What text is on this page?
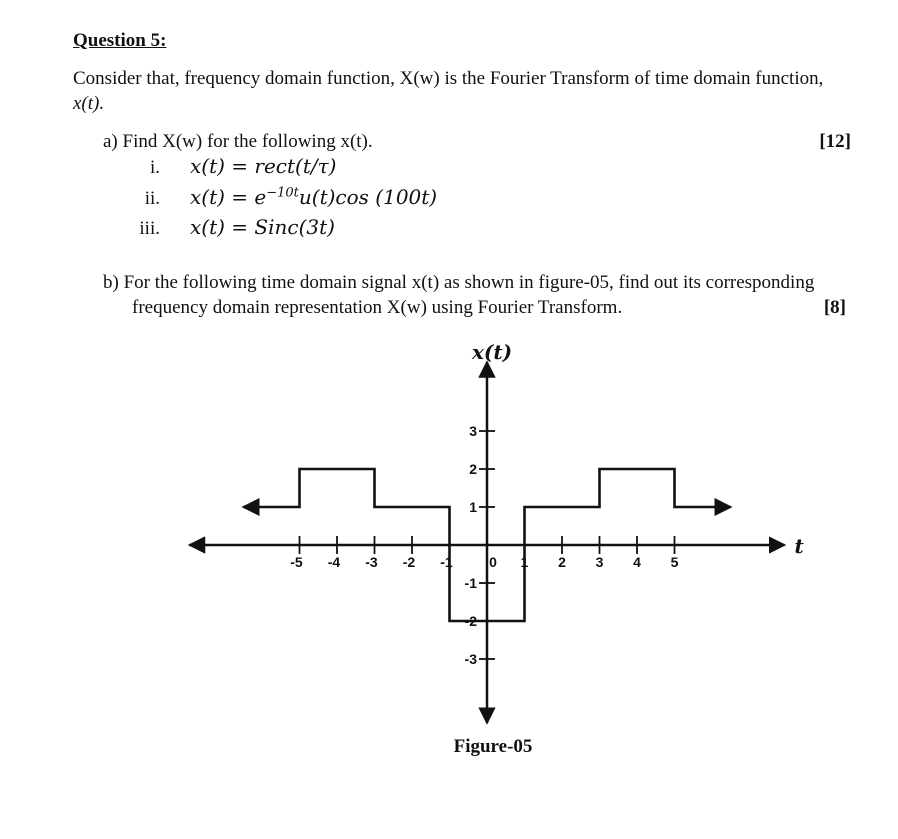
Question 5:
Consider that, frequency domain function, X(w) is the Fourier Transform of time domain function,
x(t).
a) Find X(w) for the following x(t).	[12]
i.
ii.
iii.
x(t) = rect(t/τ)
$x(t) = e^{-10t}u(t)\cos$ (100t)
x(t) = Sinc(3t)
b) For the following time domain signal x(t) as shown in figure-05, find out its corresponding
frequency domain representation X(w) using Fourier Transform.	[8]
-5 -4 -3 -2 -1	0 1 2 3 4 5
-3
-2
-1
1
2
3
x(t)
t
Figure-05
